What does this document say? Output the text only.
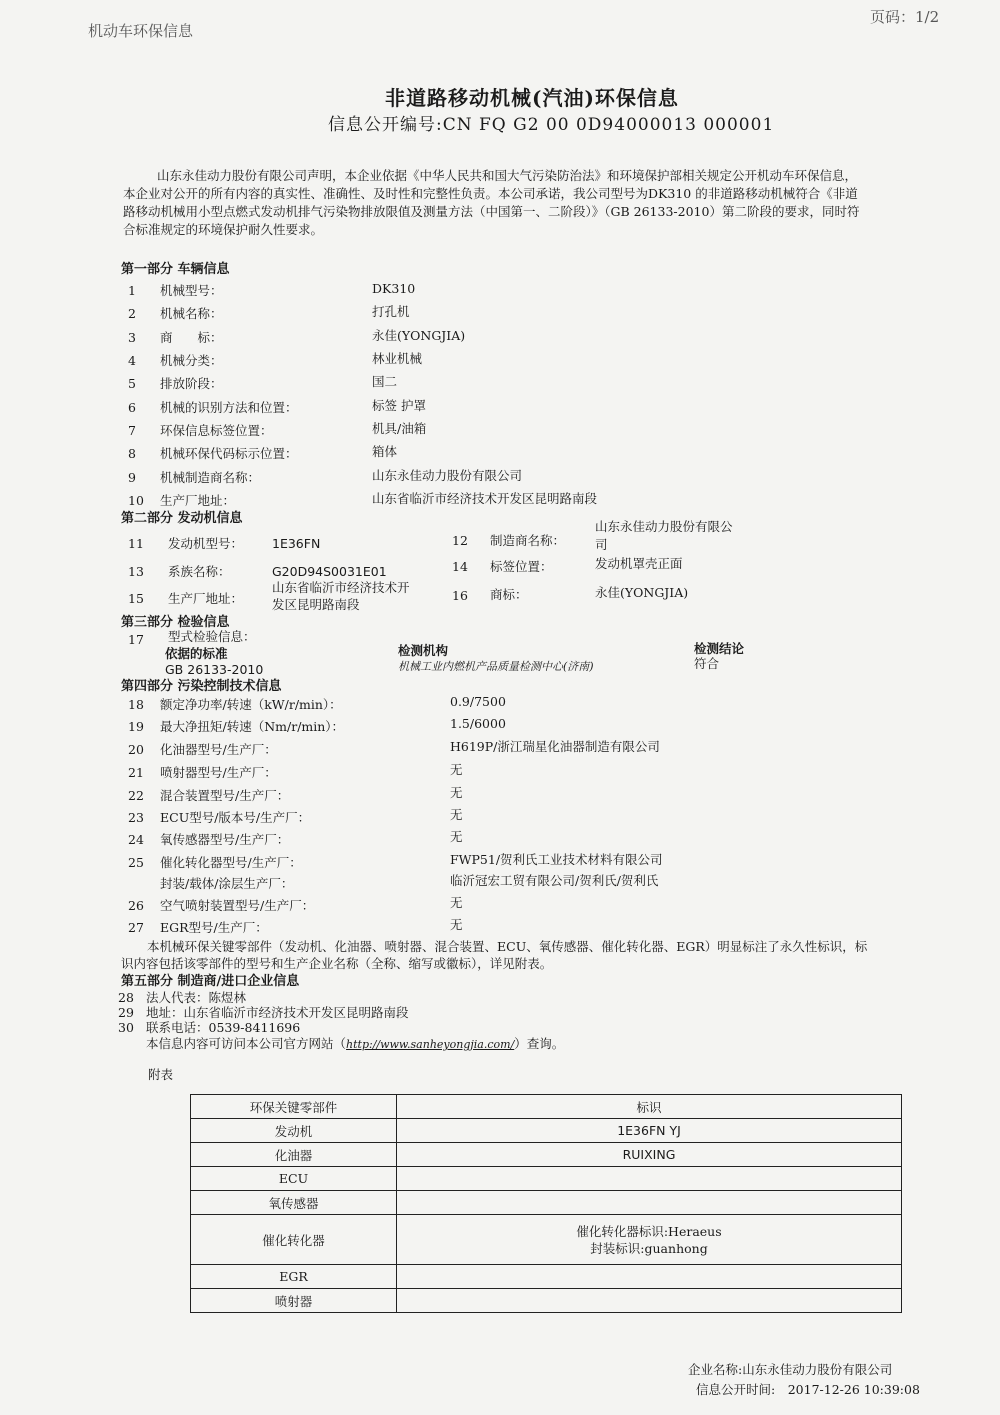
机动车环保信息
页码：1/2
非道路移动机械(汽油)环保信息
信息公开编号:CN FQ G2 00 0D94000013 000001
山东永佳动力股份有限公司声明，本企业依据《中华人民共和国大气污染防治法》和环境保护部相关规定公开机动车环保信息，
本企业对公开的所有内容的真实性、准确性、及时性和完整性负责。本公司承诺，我公司型号为DK310 的非道路移动机械符合《非道
路移动机械用小型点燃式发动机排气污染物排放限值及测量方法（中国第一、二阶段）》（GB 26133-2010）第二阶段的要求，同时符
合标准规定的环境保护耐久性要求。
第一部分 车辆信息
1 机械型号：	DK310
2 机械名称：	打孔机
3 商　　标：	永佳(YONGJIA)
4 机械分类：	林业机械
5 排放阶段：	国二
6 机械的识别方法和位置：	标签 护罩
7 环保信息标签位置：	机具/油箱
8 机械环保代码标示位置：	箱体
9 机械制造商名称：	山东永佳动力股份有限公司
10 生产厂地址：	山东省临沂市经济技术开发区昆明路南段
第二部分 发动机信息
11 发动机型号： 1E36FN	12 制造商名称：
山东永佳动力股份有限公
司
13 系族名称：	G20D94S0031E01	14 标签位置：	发动机罩壳正面
15 生产厂地址：
山东省临沂市经济技术开
发区昆明路南段
16 商标：	永佳(YONGJIA)
第三部分 检验信息
17 型式检验信息：
依据的标准	检测机构	检测结论
GB 26133-2010	机械工业内燃机产品质量检测中心(济南)	符合
第四部分 污染控制技术信息
18 额定净功率/转速（kW/r/min）：	0.9/7500
19 最大净扭矩/转速（Nm/r/min）：	1.5/6000
20 化油器型号/生产厂：	H619P/浙江瑞星化油器制造有限公司
21 喷射器型号/生产厂：	无
22 混合装置型号/生产厂：	无
23 ECU型号/版本号/生产厂：	无
24 氧传感器型号/生产厂：	无
25 催化转化器型号/生产厂：	FWP51/贺利氏工业技术材料有限公司
封装/载体/涂层生产厂：	临沂冠宏工贸有限公司/贺利氏/贺利氏
26 空气喷射装置型号/生产厂：	无
27 EGR型号/生产厂：	无
本机械环保关键零部件（发动机、化油器、喷射器、混合装置、ECU、氧传感器、催化转化器、EGR）明显标注了永久性标识，标
识内容包括该零部件的型号和生产企业名称（全称、缩写或徽标），详见附表。
第五部分 制造商/进口企业信息
28 法人代表：陈煜林
29 地址：山东省临沂市经济技术开发区昆明路南段
30 联系电话：0539-8411696
本信息内容可访问本公司官方网站（http://www.sanheyongjia.com/）查询。
附表
环保关键零部件	标识
发动机	1E36FN YJ
化油器	RUIXING
ECU	
氧传感器	
催化转化器	催化转化器标识:Heraeus
封装标识:guanhong

EGR	
喷射器	
企业名称:山东永佳动力股份有限公司
信息公开时间:　2017-12-26 10:39:08
